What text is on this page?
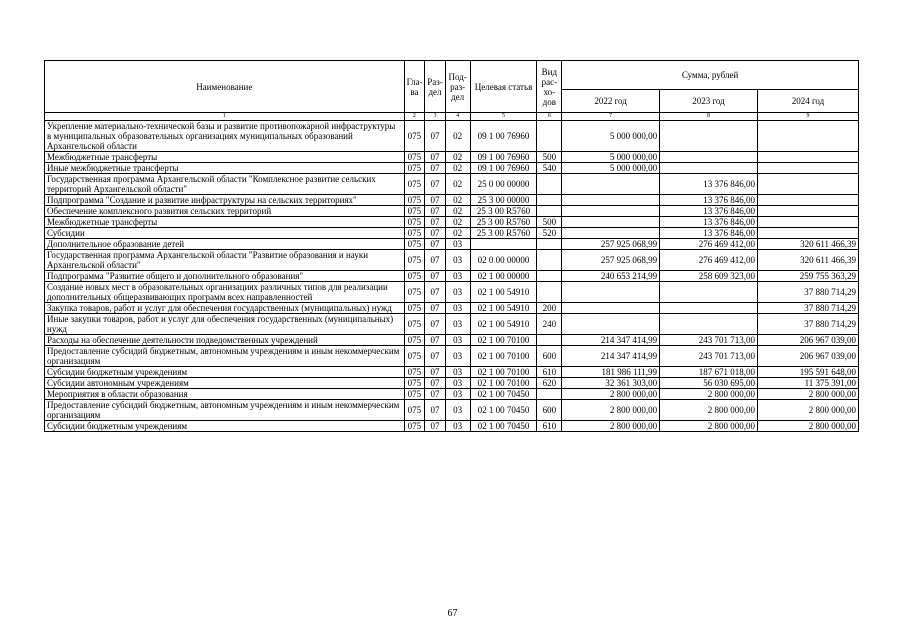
Наименование	Гла-ва	Раз-дел	Под-раз-дел	Целевая статья	Вид рас-хо-дов	Сумма, рублей		
						2022 год	2023 год	2024 год
1	2	3	4	5	6	7	8	9
Укрепление материально-технической базы и развитие противопожарной инфраструктуры в муниципальных образовательных организациях муниципальных образований Архангельской области	075	07	02	09 1 00 76960		5 000 000,00		
Межбюджетные трансферты	075	07	02	09 1 00 76960	500	5 000 000,00		
Иные межбюджетные трансферты	075	07	02	09 1 00 76960	540	5 000 000,00		
Государственная программа Архангельской области "Комплексное развитие сельских территорий Архангельской области"	075	07	02	25 0 00 00000			13 376 846,00	
Подпрограмма "Создание и развитие инфраструктуры на сельских территориях"	075	07	02	25 3 00 00000			13 376 846,00	
Обеспечение комплексного развития сельских территорий	075	07	02	25 3 00 R5760			13 376 846,00	
Межбюджетные трансферты	075	07	02	25 3 00 R5760	500		13 376 846,00	
Субсидии	075	07	02	25 3 00 R5760	520		13 376 846,00	
Дополнительное образование детей	075	07	03			257 925 068,99	276 469 412,00	320 611 466,39
Государственная программа Архангельской области "Развитие образования и науки Архангельской области"	075	07	03	02 0 00 00000		257 925 068,99	276 469 412,00	320 611 466,39
Подпрограмма "Развитие общего и дополнительного образования"	075	07	03	02 1 00 00000		240 653 214,99	258 609 323,00	259 755 363,29
Создание новых мест в образовательных организациях различных типов для реализации дополнительных общеразвивающих программ всех направленностей	075	07	03	02 1 00 54910				37 880 714,29
Закупка товаров, работ и услуг для обеспечения государственных (муниципальных) нужд	075	07	03	02 1 00 54910	200			37 880 714,29
Иные закупки товаров, работ и услуг для обеспечения государственных (муниципальных) нужд	075	07	03	02 1 00 54910	240			37 880 714,29
Расходы на обеспечение деятельности подведомственных учреждений	075	07	03	02 1 00 70100		214 347 414,99	243 701 713,00	206 967 039,00
Предоставление субсидий бюджетным, автономным учреждениям и иным некоммерческим организациям	075	07	03	02 1 00 70100	600	214 347 414,99	243 701 713,00	206 967 039,00
Субсидии бюджетным учреждениям	075	07	03	02 1 00 70100	610	181 986 111,99	187 671 018,00	195 591 648,00
Субсидии автономным учреждениям	075	07	03	02 1 00 70100	620	32 361 303,00	56 030 695,00	11 375 391,00
Мероприятия в области образования	075	07	03	02 1 00 70450		2 800 000,00	2 800 000,00	2 800 000,00
Предоставление субсидий бюджетным, автономным учреждениям и иным некоммерческим организациям	075	07	03	02 1 00 70450	600	2 800 000,00	2 800 000,00	2 800 000,00
Субсидии бюджетным учреждениям	075	07	03	02 1 00 70450	610	2 800 000,00	2 800 000,00	2 800 000,00
67
